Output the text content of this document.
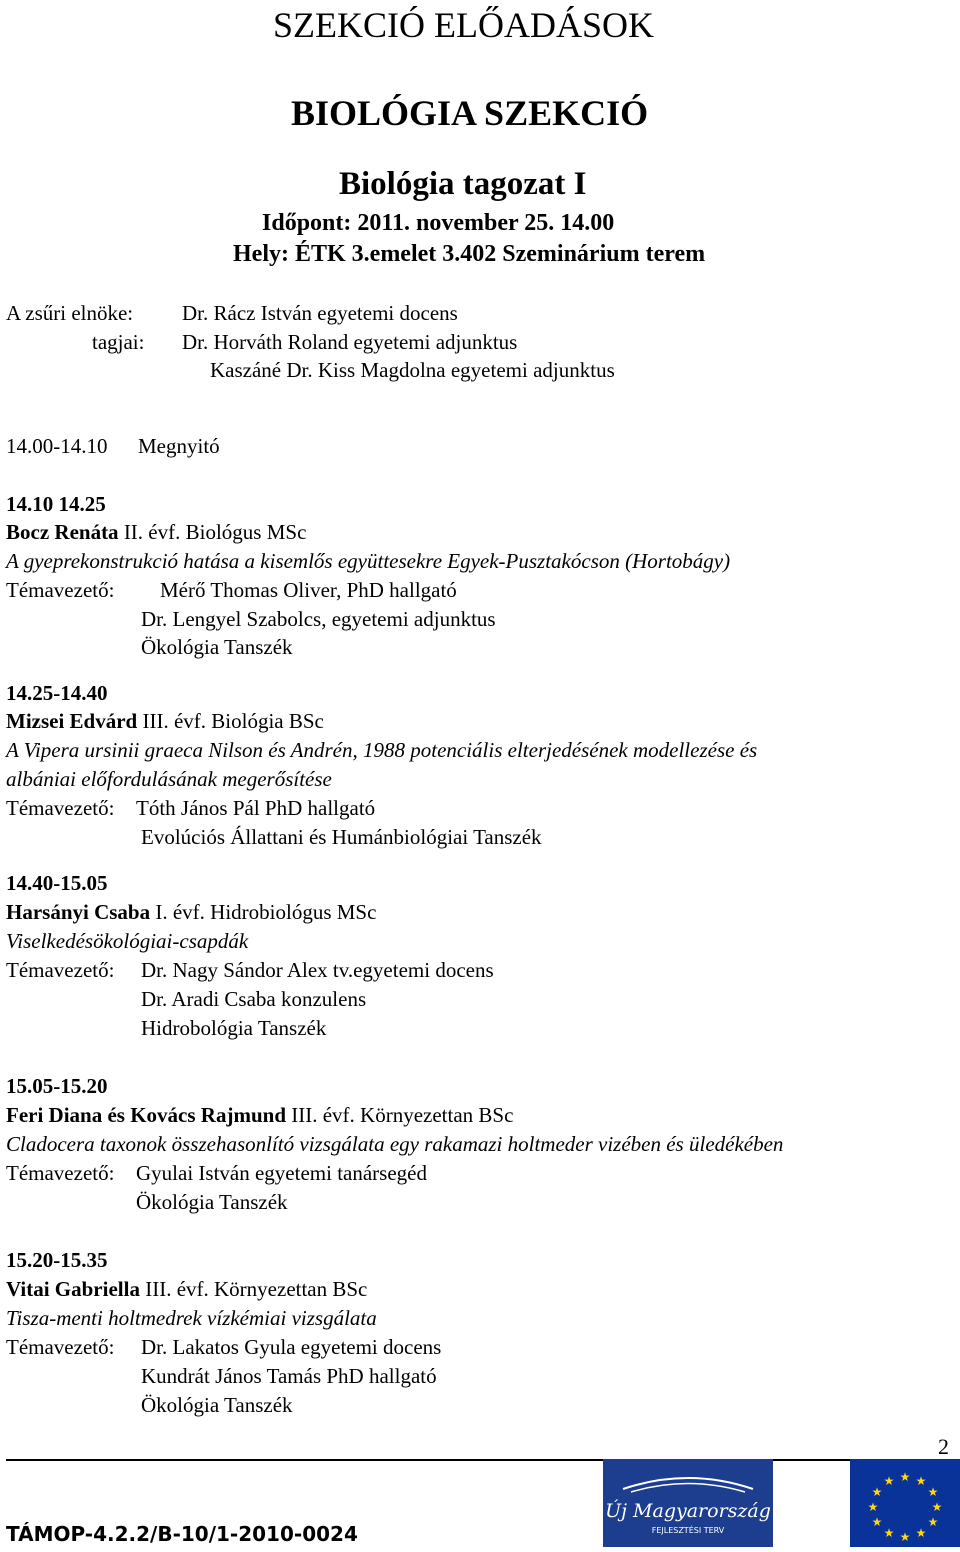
SZEKCIÓ ELŐADÁSOK
BIOLÓGIA SZEKCIÓ
Biológia tagozat I
Időpont: 2011. november 25. 14.00
Hely: ÉTK 3.emelet 3.402 Szeminárium terem
A zsűri elnöke: Dr. Rácz István egyetemi docens
tagjai: Dr. Horváth Roland egyetemi adjunktus
Kaszáné Dr. Kiss Magdolna egyetemi adjunktus
14.00-14.10 Megnyitó
14.10 14.25
Bocz Renáta II. évf. Biológus MSc
A gyeprekonstrukció hatása a kisemlős együttesekre Egyek-Pusztakócson (Hortobágy)
Témavezető: Mérő Thomas Oliver, PhD hallgató
Dr. Lengyel Szabolcs, egyetemi adjunktus
Ökológia Tanszék
14.25-14.40
Mizsei Edvárd III. évf. Biológia BSc
A Vipera ursinii graeca Nilson és Andrén, 1988 potenciális elterjedésének modellezése és
albániai előfordulásának megerősítése
Témavezető: Tóth János Pál PhD hallgató
Evolúciós Állattani és Humánbiológiai Tanszék
14.40-15.05
Harsányi Csaba I. évf. Hidrobiológus MSc
Viselkedésökológiai-csapdák
Témavezető: Dr. Nagy Sándor Alex tv.egyetemi docens
Dr. Aradi Csaba konzulens
Hidrobológia Tanszék
15.05-15.20
Feri Diana és Kovács Rajmund III. évf. Környezettan BSc
Cladocera taxonok összehasonlító vizsgálata egy rakamazi holtmeder vizében és üledékében
Témavezető: Gyulai István egyetemi tanársegéd
Ökológia Tanszék
15.20-15.35
Vitai Gabriella III. évf. Környezettan BSc
Tisza-menti holtmedrek vízkémiai vizsgálata
Témavezető: Dr. Lakatos Gyula egyetemi docens
Kundrát János Tamás PhD hallgató
Ökológia Tanszék
2
TÁMOP-4.2.2/B-10/1-2010-0024
Új Magyarország
FEJLESZTÉSI TERV
★ ★
★
★
★
★
★
★
★
★
★
★
